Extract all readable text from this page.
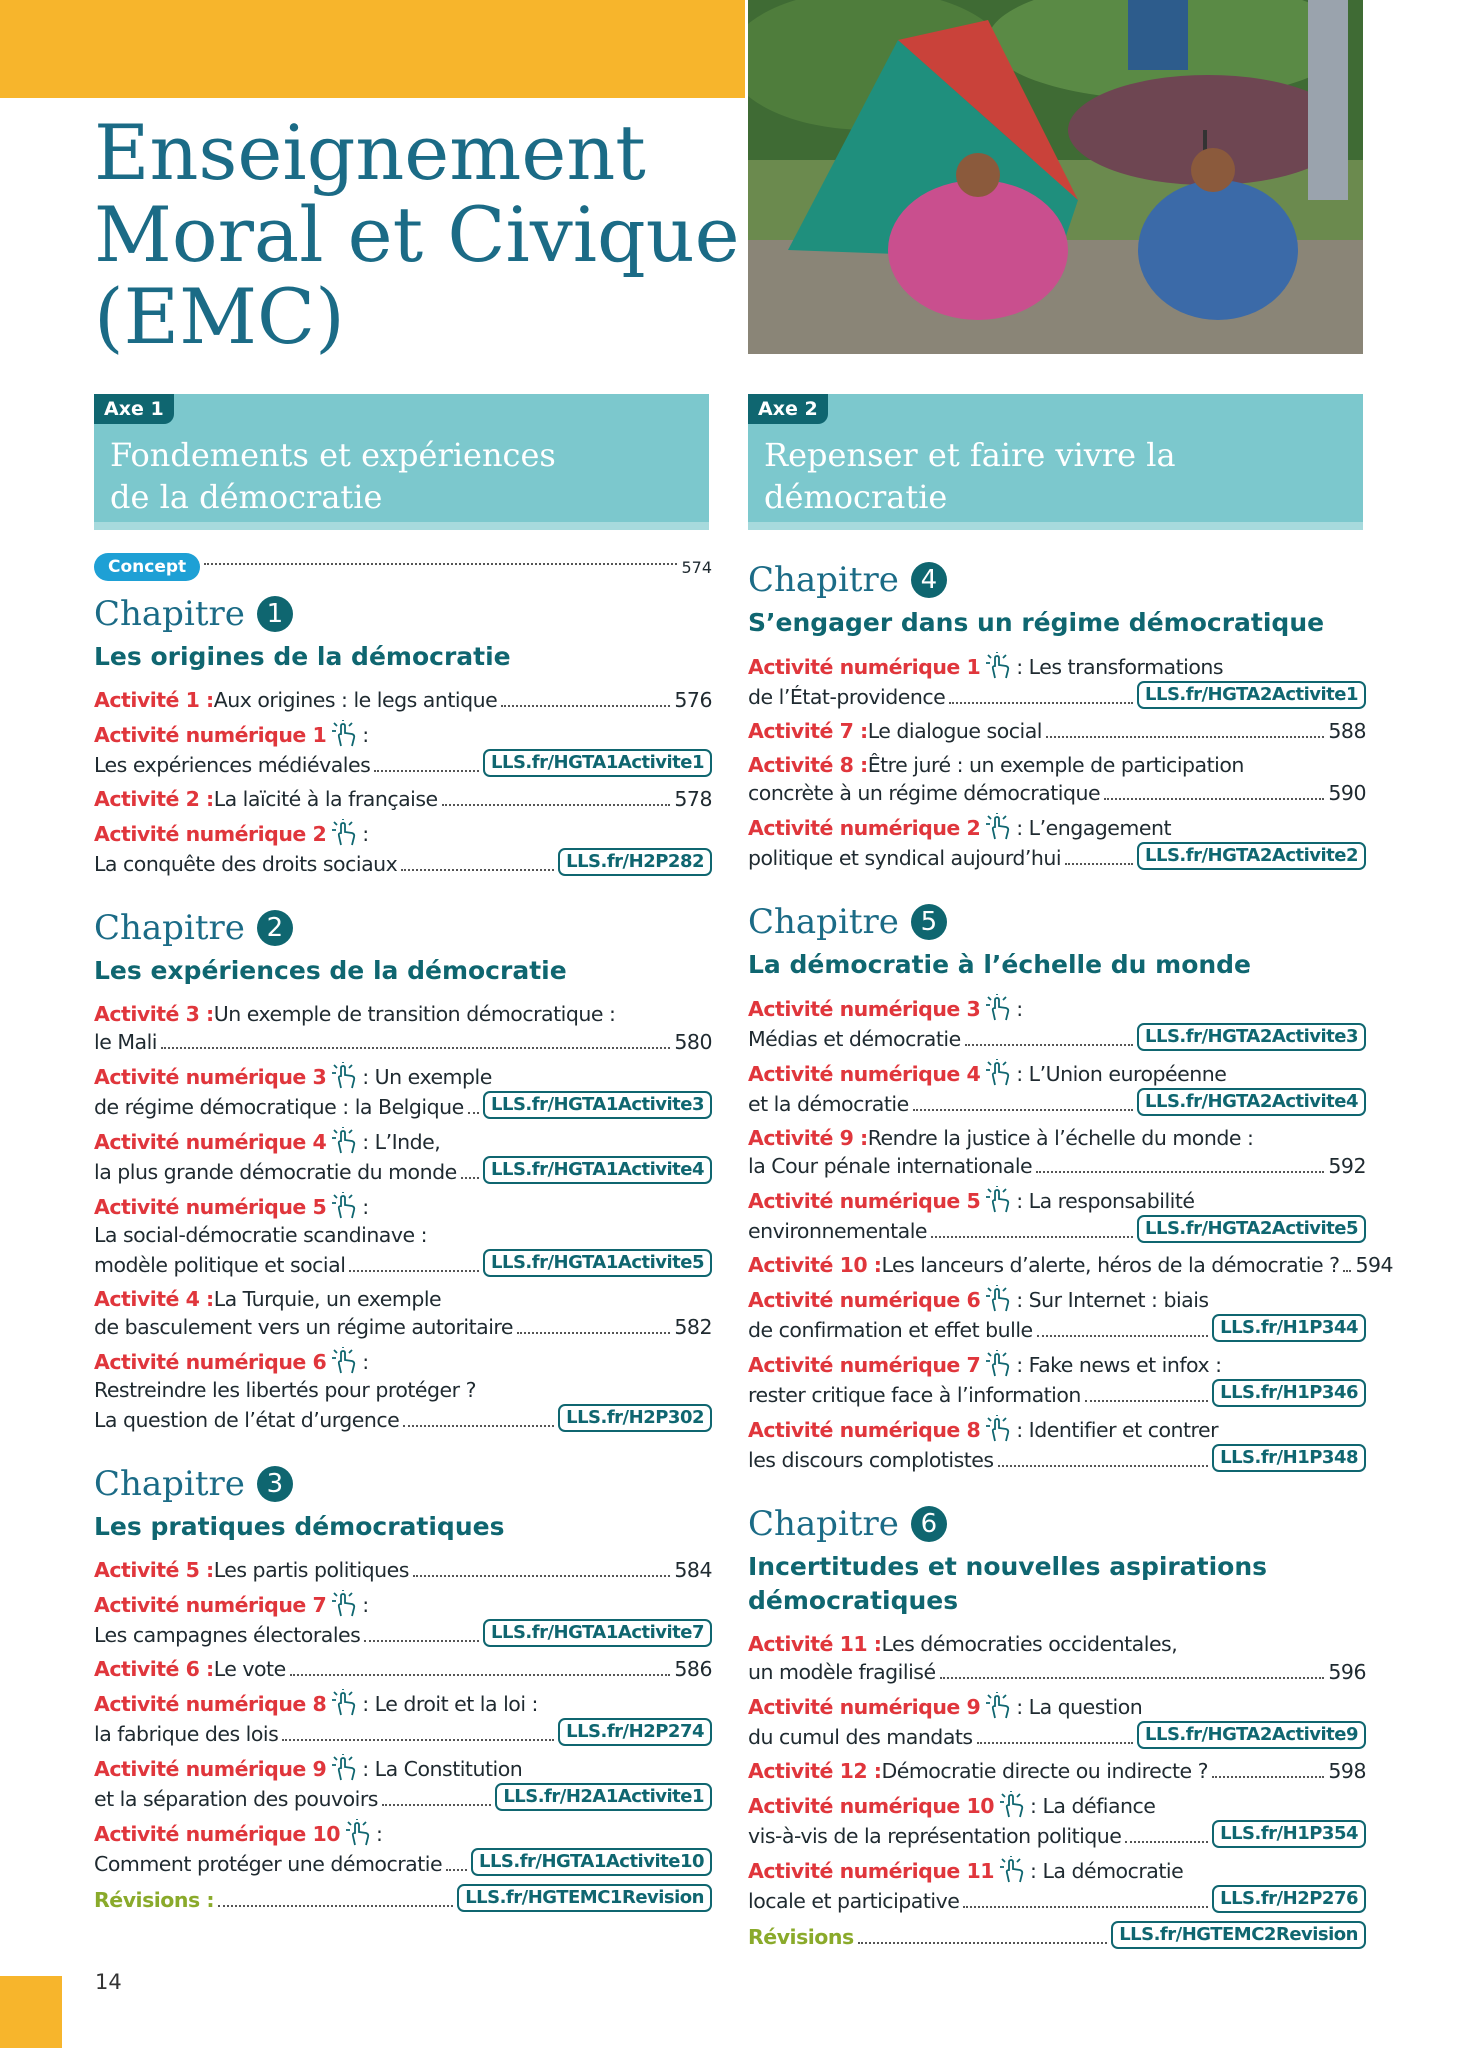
Enseignement
Moral et Civique
(EMC)
Axe 1
Fondements et expériences
de la démocratie
Axe 2
Repenser et faire vivre la
démocratie
Concept	574
Chapitre 1
Les origines de la démocratie
Activité 1 : Aux origines : le legs antique	576
Activité numérique 1 :
Les expériences médiévales	LLS.fr/HGTA1Activite1
Activité 2 : La laïcité à la française	578
Activité numérique 2 :
La conquête des droits sociaux	LLS.fr/H2P282
Chapitre 2
Les expériences de la démocratie
Activité 3 : Un exemple de transition démocratique :
le Mali	580
Activité numérique 3 : Un exemple
de régime démocratique : la Belgique	LLS.fr/HGTA1Activite3
Activité numérique 4 : L’Inde,
la plus grande démocratie du monde	LLS.fr/HGTA1Activite4
Activité numérique 5 :
La social-démocratie scandinave :
modèle politique et social	LLS.fr/HGTA1Activite5
Activité 4 : La Turquie, un exemple
de basculement vers un régime autoritaire	582
Activité numérique 6 :
Restreindre les libertés pour protéger ?
La question de l’état d’urgence	LLS.fr/H2P302
Chapitre 3
Les pratiques démocratiques
Activité 5 : Les partis politiques	584
Activité numérique 7 :
Les campagnes électorales	LLS.fr/HGTA1Activite7
Activité 6 : Le vote	586
Activité numérique 8 : Le droit et la loi :
la fabrique des lois	LLS.fr/H2P274
Activité numérique 9 : La Constitution
et la séparation des pouvoirs	LLS.fr/H2A1Activite1
Activité numérique 10 :
Comment protéger une démocratie	LLS.fr/HGTA1Activite10
Révisions :	LLS.fr/HGTEMC1Revision
Chapitre 4
S’engager dans un régime démocratique
Activité numérique 1 : Les transformations
de l’État-providence	LLS.fr/HGTA2Activite1
Activité 7 : Le dialogue social	588
Activité 8 : Être juré : un exemple de participation
concrète à un régime démocratique	590
Activité numérique 2 : L’engagement
politique et syndical aujourd’hui	LLS.fr/HGTA2Activite2
Chapitre 5
La démocratie à l’échelle du monde
Activité numérique 3 :
Médias et démocratie	LLS.fr/HGTA2Activite3
Activité numérique 4 : L’Union européenne
et la démocratie	LLS.fr/HGTA2Activite4
Activité 9 : Rendre la justice à l’échelle du monde :
la Cour pénale internationale	592
Activité numérique 5 : La responsabilité
environnementale	LLS.fr/HGTA2Activite5
Activité 10 : Les lanceurs d’alerte, héros de la démocratie ? 594
Activité numérique 6 : Sur Internet : biais
de confirmation et effet bulle	LLS.fr/H1P344
Activité numérique 7 : Fake news et infox :
rester critique face à l’information	LLS.fr/H1P346
Activité numérique 8 : Identifier et contrer
les discours complotistes	LLS.fr/H1P348
Chapitre 6
Incertitudes et nouvelles aspirations démocratiques
Activité 11 : Les démocraties occidentales,
un modèle fragilisé	596
Activité numérique 9 : La question
du cumul des mandats	LLS.fr/HGTA2Activite9
Activité 12 : Démocratie directe ou indirecte ?	598
Activité numérique 10 : La défiance
vis-à-vis de la représentation politique	LLS.fr/H1P354
Activité numérique 11 : La démocratie
locale et participative	LLS.fr/H2P276
Révisions	LLS.fr/HGTEMC2Revision
14
